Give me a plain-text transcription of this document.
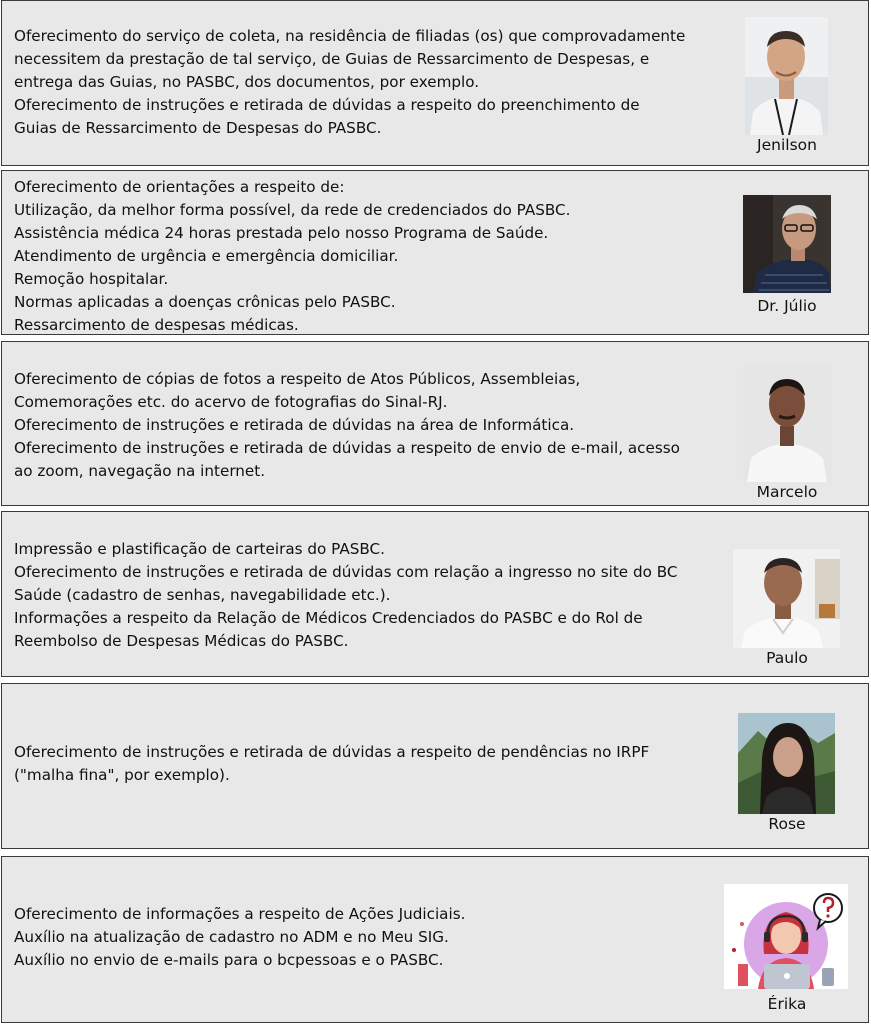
Oferecimento do serviço de coleta, na residência de filiadas (os) que comprovadamente
necessitem da prestação de tal serviço, de Guias de Ressarcimento de Despesas, e
entrega das Guias, no PASBC, dos documentos, por exemplo.
Oferecimento de instruções e retirada de dúvidas a respeito do preenchimento de
Guias de Ressarcimento de Despesas do PASBC.
Jenilson
Oferecimento de orientações a respeito de:
Utilização, da melhor forma possível, da rede de credenciados do PASBC.
Assistência médica 24 horas prestada pelo nosso Programa de Saúde.
Atendimento de urgência e emergência domiciliar.
Remoção hospitalar.
Normas aplicadas a doenças crônicas pelo PASBC.
Ressarcimento de despesas médicas.
Dr. Júlio
Oferecimento de cópias de fotos a respeito de Atos Públicos, Assembleias,
Comemorações etc. do acervo de fotografias do Sinal-RJ.
Oferecimento de instruções e retirada de dúvidas na área de Informática.
Oferecimento de instruções e retirada de dúvidas a respeito de envio de e-mail, acesso
ao zoom, navegação na internet.
Marcelo
Impressão e plastificação de carteiras do PASBC.
Oferecimento de instruções e retirada de dúvidas com relação a ingresso no site do BC
Saúde (cadastro de senhas, navegabilidade etc.).
Informações a respeito da Relação de Médicos Credenciados do PASBC e do Rol de
Reembolso de Despesas Médicas do PASBC.
Paulo
Oferecimento de instruções e retirada de dúvidas a respeito de pendências no IRPF
("malha fina", por exemplo).
Rose
Oferecimento de informações a respeito de Ações Judiciais.
Auxílio na atualização de cadastro no ADM e no Meu SIG.
Auxílio no envio de e-mails para o bcpessoas e o PASBC.
Érika
